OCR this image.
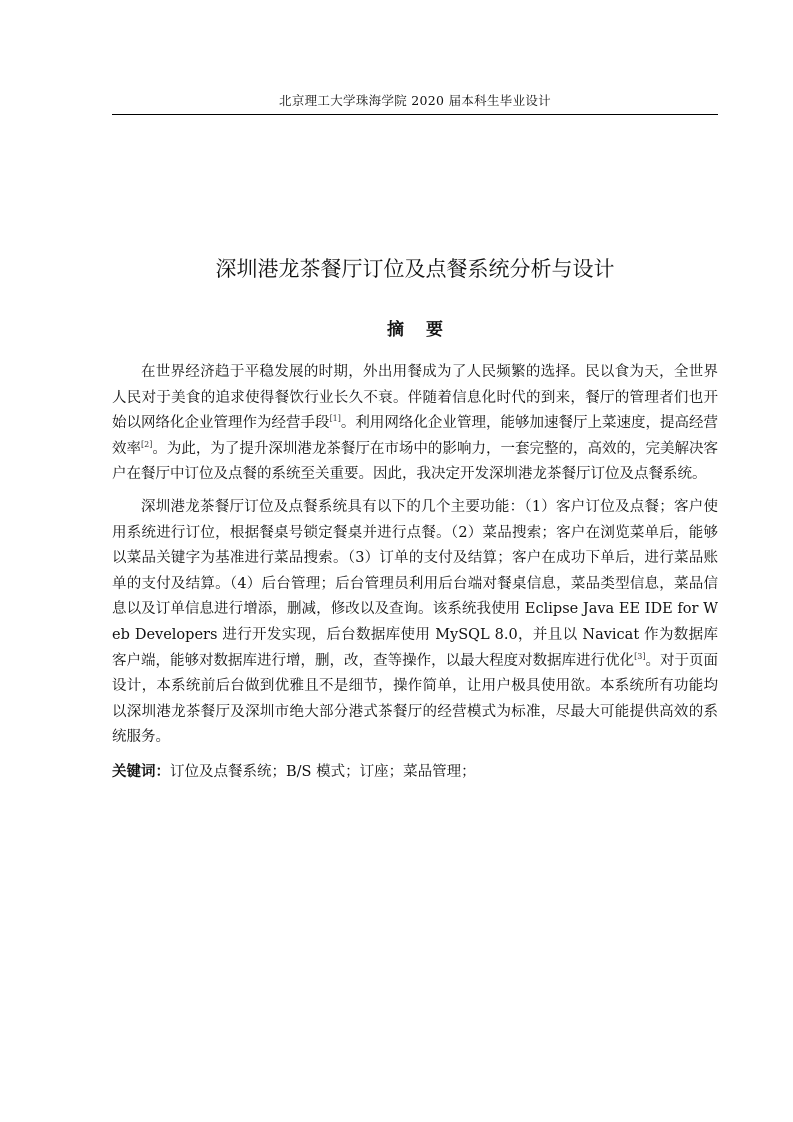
北京理工大学珠海学院 2020 届本科生毕业设计
深圳港龙茶餐厅订位及点餐系统分析与设计
摘要

在世界经济趋于平稳发展的时期，外出用餐成为了人民频繁的选择。民以食为天，全世界人民对于美食的追求使得餐饮行业长久不衰。伴随着信息化时代的到来，餐厅的管理者们也开始以网络化企业管理作为经营手段[1]。利用网络化企业管理，能够加速餐厅上菜速度，提高经营效率[2]。为此，为了提升深圳港龙茶餐厅在市场中的影响力，一套完整的，高效的，完美解决客户在餐厅中订位及点餐的系统至关重要。因此，我决定开发深圳港龙茶餐厅订位及点餐系统。

深圳港龙茶餐厅订位及点餐系统具有以下的几个主要功能：（1）客户订位及点餐；客户使用系统进行订位，根据餐桌号锁定餐桌并进行点餐。（2）菜品搜索；客户在浏览菜单后，能够以菜品关键字为基准进行菜品搜索。（3）订单的支付及结算；客户在成功下单后，进行菜品账单的支付及结算。（4）后台管理；后台管理员利用后台端对餐桌信息，菜品类型信息，菜品信息以及订单信息进行增添，删减，修改以及查询。该系统我使用 Eclipse Java EE IDE for Web Developers 进行开发实现，后台数据库使用 MySQL 8.0，并且以 Navicat 作为数据库客户端，能够对数据库进行增，删，改，查等操作，以最大程度对数据库进行优化[3]。对于页面设计，本系统前后台做到优雅且不是细节，操作简单，让用户极具使用欲。本系统所有功能均以深圳港龙茶餐厅及深圳市绝大部分港式茶餐厅的经营模式为标准，尽最大可能提供高效的系统服务。

关键词：订位及点餐系统；B/S 模式；订座；菜品管理；
